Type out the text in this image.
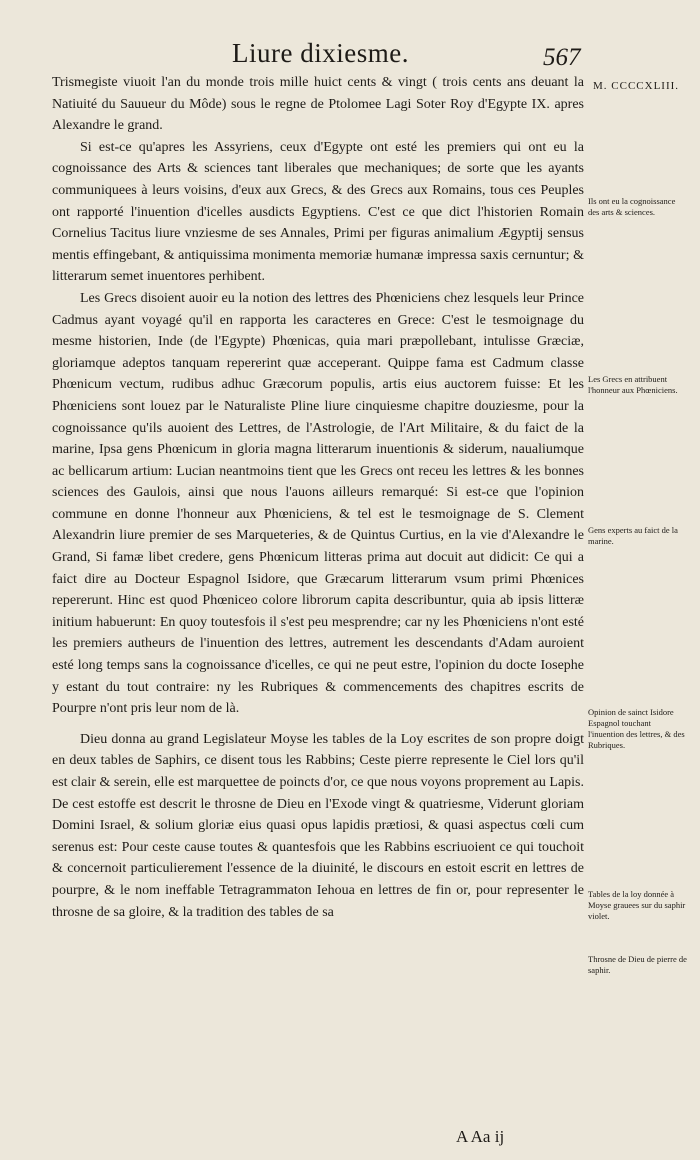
Liure dixiesme.	567
M. CCCCXLIII.

Trismegiste viuoit l'an du monde trois mille huict cents & vingt ( trois cents ans deuant la Natiuité du Sauueur du Môde) sous le regne de Ptolomee Lagi Soter Roy d'Egypte IX. apres Alexandre le grand.

Si est-ce qu'apres les Assyriens, ceux d'Egypte ont esté les premiers qui ont eu la cognoissance des Arts & sciences tant liberales que mechaniques; de sorte que les ayants communiquees à leurs voisins, d'eux aux Grecs, & des Grecs aux Romains, tous ces Peuples ont rapporté l'inuention d'icelles ausdicts Egyptiens. C'est ce que dict l'historien Romain Cornelius Tacitus liure vnziesme de ses Annales, Primi per figuras animalium Ægyptij sensus mentis effingebant, & antiquissima monimenta memoriæ humanæ impressa saxis cernuntur; & litterarum semet inuentores perhibent.

Les Grecs disoient auoir eu la notion des lettres des Phœniciens chez lesquels leur Prince Cadmus ayant voyagé qu'il en rapporta les caracteres en Grece: C'est le tesmoignage du mesme historien, Inde (de l'Egypte) Phœnicas, quia mari præpollebant, intulisse Græciæ, gloriamque adeptos tanquam repererint quæ acceperant. Quippe fama est Cadmum classe Phœnicum vectum, rudibus adhuc Græcorum populis, artis eius auctorem fuisse: Et les Phœniciens sont louez par le Naturaliste Pline liure cinquiesme chapitre douziesme, pour la cognoissance qu'ils auoient des Lettres, de l'Astrologie, de l'Art Militaire, & du faict de la marine, Ipsa gens Phœnicum in gloria magna litterarum inuentionis & siderum, naualiumque ac bellicarum artium: Lucian neantmoins tient que les Grecs ont receu les lettres & les bonnes sciences des Gaulois, ainsi que nous l'auons ailleurs remarqué: Si est-ce que l'opinion commune en donne l'honneur aux Phœniciens, & tel est le tesmoignage de S. Clement Alexandrin liure premier de ses Marqueteries, & de Quintus Curtius, en la vie d'Alexandre le Grand, Si famæ libet credere, gens Phœnicum litteras prima aut docuit aut didicit: Ce qui a faict dire au Docteur Espagnol Isidore, que Græcarum litterarum vsum primi Phœnices repererunt. Hinc est quod Phœniceo colore librorum capita describuntur, quia ab ipsis litteræ initium habuerunt: En quoy toutesfois il s'est peu mesprendre; car ny les Phœniciens n'ont esté les premiers autheurs de l'inuention des lettres, autrement les descendants d'Adam auroient esté long temps sans la cognoissance d'icelles, ce qui ne peut estre, l'opinion du docte Iosephe y estant du tout contraire: ny les Rubriques & commencements des chapitres escrits de Pourpre n'ont pris leur nom de là.

Dieu donna au grand Legislateur Moyse les tables de la Loy escrites de son propre doigt en deux tables de Saphirs, ce disent tous les Rabbins; Ceste pierre represente le Ciel lors qu'il est clair & serein, elle est marquettee de poincts d'or, ce que nous voyons proprement au Lapis. De cest estoffe est descrit le throsne de Dieu en l'Exode vingt & quatriesme, Viderunt gloriam Domini Israel, & solium gloriæ eius quasi opus lapidis prætiosi, & quasi aspectus cœli cum serenus est: Pour ceste cause toutes & quantesfois que les Rabbins escriuoient ce qui touchoit & concernoit particulierement l'essence de la diuinité, le discours en estoit escrit en lettres de pourpre, & le nom ineffable Tetragrammaton Iehoua en lettres de fin or, pour representer le throsne de sa gloire, & la tradition des tables de sa

Ils ont eu la cognoissance des arts & sciences.
Les Grecs en attribuent l'honneur aux Phœniciens.
Gens experts au faict de la marine.
Opinion de sainct Isidore Espagnol touchant l'inuention des lettres, & des Rubriques.
Tables de la loy donnée à Moyse grauees sur du saphir violet.
Throsne de Dieu de pierre de saphir.
A Aa ij
